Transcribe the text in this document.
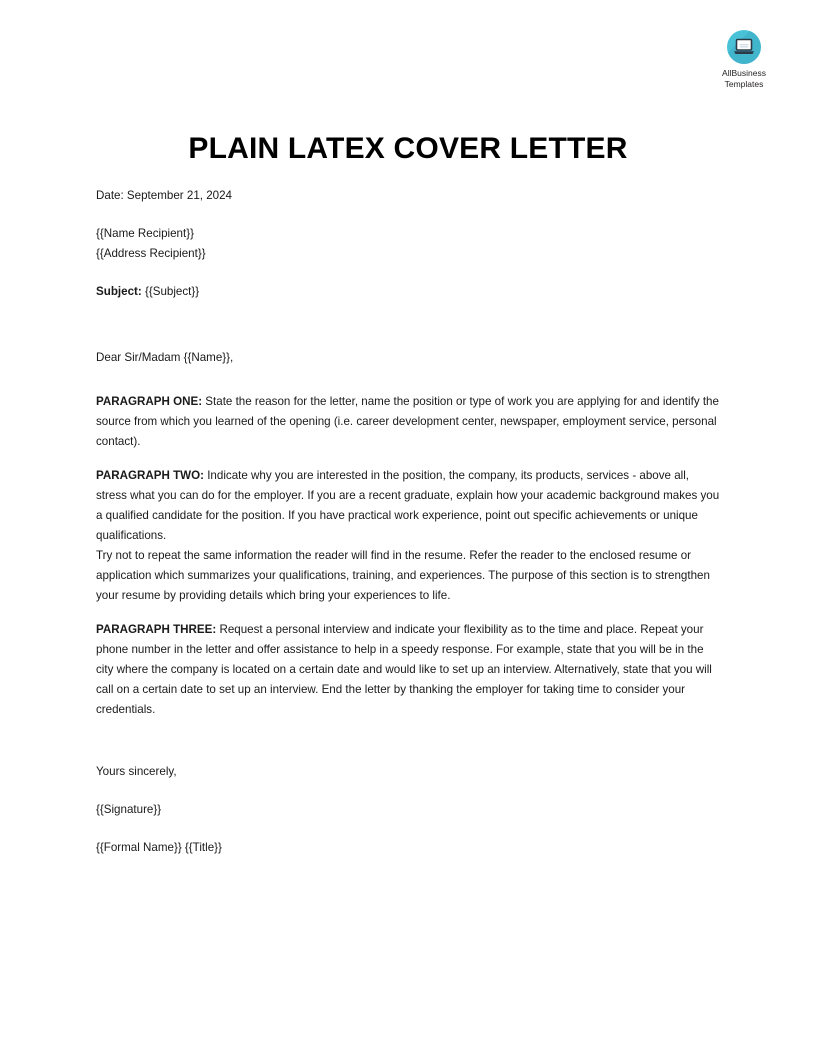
AllBusiness
Templates
PLAIN LATEX COVER LETTER

Date: September 21, 2024

{{Name Recipient}}

{{Address Recipient}}

Subject: {{Subject}}

Dear Sir/Madam {{Name}},

PARAGRAPH ONE: State the reason for the letter, name the position or type of work you are applying for and identify the source from which you learned of the opening (i.e. career development center, newspaper, employment service, personal contact).

PARAGRAPH TWO: Indicate why you are interested in the position, the company, its products, services - above all, stress what you can do for the employer. If you are a recent graduate, explain how your academic background makes you a qualified candidate for the position. If you have practical work experience, point out specific achievements or unique qualifications.
Try not to repeat the same information the reader will find in the resume. Refer the reader to the enclosed resume or application which summarizes your qualifications, training, and experiences. The purpose of this section is to strengthen your resume by providing details which bring your experiences to life.

PARAGRAPH THREE: Request a personal interview and indicate your flexibility as to the time and place. Repeat your phone number in the letter and offer assistance to help in a speedy response. For example, state that you will be in the city where the company is located on a certain date and would like to set up an interview. Alternatively, state that you will call on a certain date to set up an interview. End the letter by thanking the employer for taking time to consider your credentials.

Yours sincerely,

{{Signature}}

{{Formal Name}} {{Title}}
